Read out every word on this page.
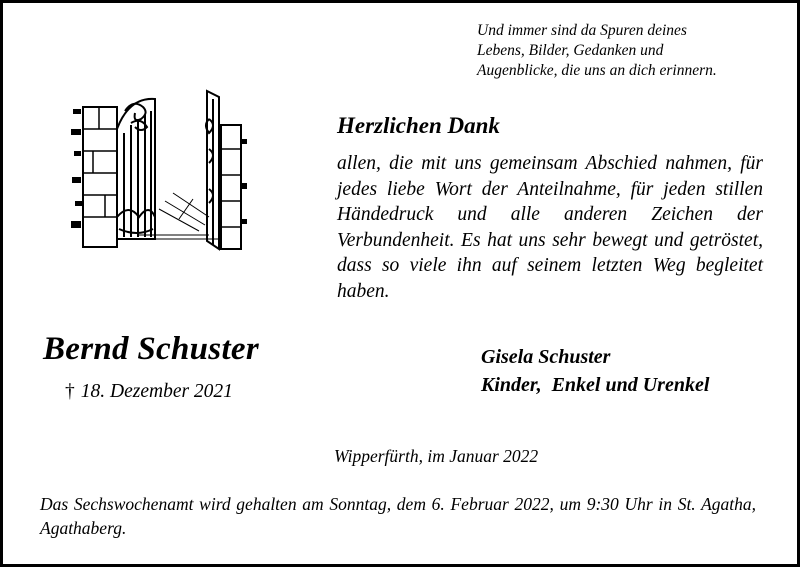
Und immer sind da Spuren deines
Lebens, Bilder, Gedanken und
Augenblicke, die uns an dich erinnern.
Herzlichen Dank
allen, die mit uns gemeinsam Abschied nahmen, für jedes liebe Wort der Anteilnahme, für jeden stillen Händedruck und alle anderen Zeichen der Verbundenheit. Es hat uns sehr bewegt und getröstet, dass so viele ihn auf seinem letzten Weg begleitet haben.
Bernd Schuster
† 18. Dezember 2021
Gisela Schuster
Kinder,  Enkel und Urenkel
Wipperfürth, im Januar 2022
Das Sechswochenamt wird gehalten am Sonntag, dem 6. Februar 2022, um 9:30 Uhr in St. Agatha, Agathaberg.
